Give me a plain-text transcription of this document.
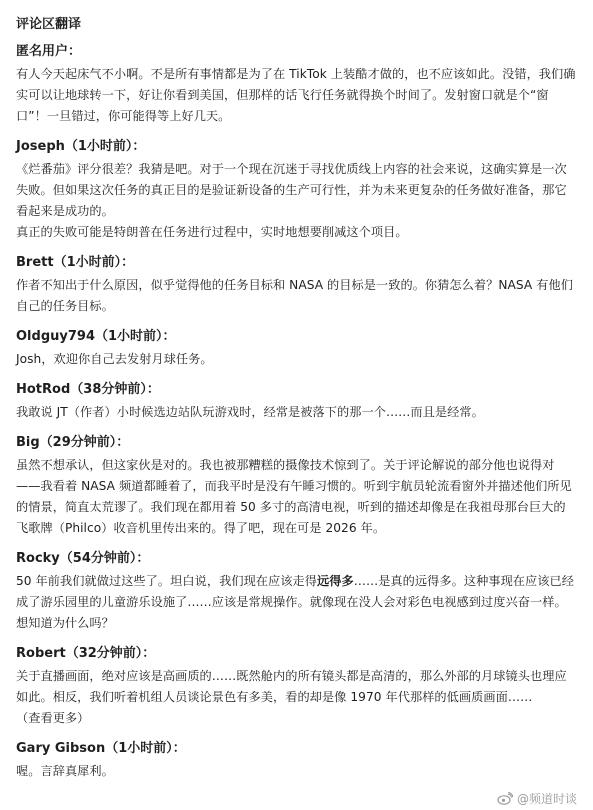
评论区翻译
匿名用户：

有人今天起床气不小啊。不是所有事情都是为了在 TikTok 上装酷才做的，也不应该如此。没错，我们确实可以让地球转一下，好让你看到美国，但那样的话飞行任务就得换个时间了。发射窗口就是个“窗口”！一旦错过，你可能得等上好几天。

Joseph（1小时前）：

《烂番茄》评分很差？我猜是吧。对于一个现在沉迷于寻找优质线上内容的社会来说，这确实算是一次失败。但如果这次任务的真正目的是验证新设备的生产可行性，并为未来更复杂的任务做好准备，那它看起来是成功的。

真正的失败可能是特朗普在任务进行过程中，实时地想要削减这个项目。

Brett（1小时前）：

作者不知出于什么原因，似乎觉得他的任务目标和 NASA 的目标是一致的。你猜怎么着？NASA 有他们自己的任务目标。

Oldguy794（1小时前）：

Josh，欢迎你自己去发射月球任务。

HotRod（38分钟前）：

我敢说 JT（作者）小时候选边站队玩游戏时，经常是被落下的那一个……而且是经常。

Big（29分钟前）：

虽然不想承认，但这家伙是对的。我也被那糟糕的摄像技术惊到了。关于评论解说的部分他也说得对——我看着 NASA 频道都睡着了，而我平时是没有午睡习惯的。听到宇航员轮流看窗外并描述他们所见的情景，简直太荒谬了。我们现在都用着 50 多寸的高清电视，听到的描述却像是在我祖母那台巨大的飞歌牌（Philco）收音机里传出来的。得了吧，现在可是 2026 年。

Rocky（54分钟前）：

50 年前我们就做过这些了。坦白说，我们现在应该走得远得多……是真的远得多。这种事现在应该已经成了游乐园里的儿童游乐设施了……应该是常规操作。就像现在没人会对彩色电视感到过度兴奋一样。想知道为什么吗？

Robert（32分钟前）：

关于直播画面，绝对应该是高画质的……既然舱内的所有镜头都是高清的，那么外部的月球镜头也理应如此。相反，我们听着机组人员谈论景色有多美，看的却是像 1970 年代那样的低画质画面……
（查看更多）

Gary Gibson（1小时前）：

喔。言辞真犀利。

@频道时谈
